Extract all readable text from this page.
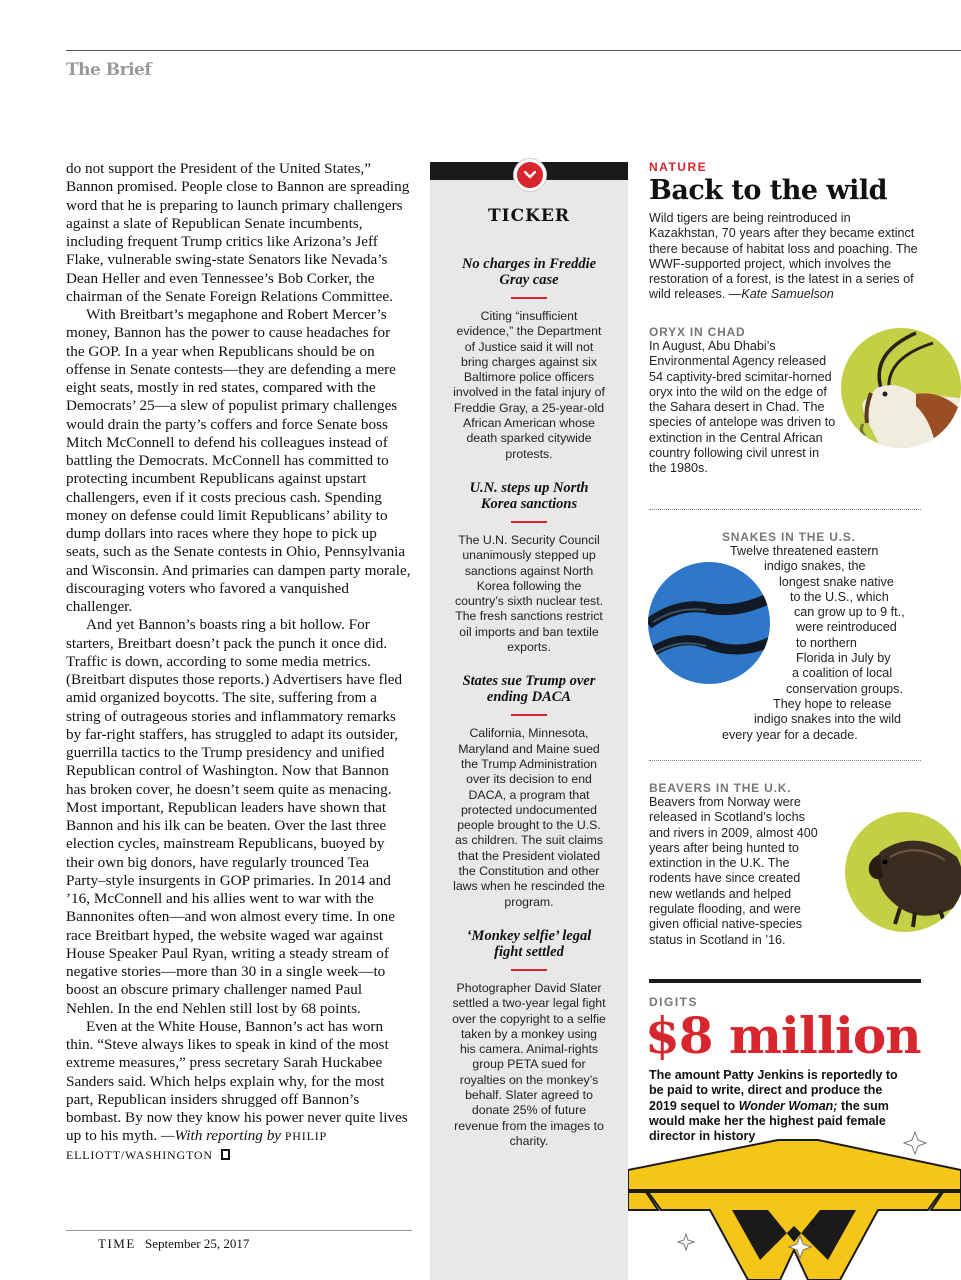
The Brief

do not support the President of the United States,” Bannon promised. People close to Bannon are spreading word that he is preparing to launch primary challengers against a slate of Republican Senate incumbents, including frequent Trump critics like Arizona’s Jeff Flake, vulnerable swing-state Senators like Nevada’s Dean Heller and even Tennessee’s Bob Corker, the chairman of the Senate Foreign Relations Committee.

With Breitbart’s megaphone and Robert Mercer’s money, Bannon has the power to cause headaches for the GOP. In a year when Republicans should be on offense in Senate contests—they are defending a mere eight seats, mostly in red states, compared with the Democrats’ 25—a slew of populist primary challenges would drain the party’s coffers and force Senate boss Mitch McConnell to defend his colleagues instead of battling the Democrats. McConnell has committed to protecting incumbent Republicans against upstart challengers, even if it costs precious cash. Spending money on defense could limit Republicans’ ability to dump dollars into races where they hope to pick up seats, such as the Senate contests in Ohio, Pennsylvania and Wisconsin. And primaries can dampen party morale, discouraging voters who favored a vanquished challenger.

And yet Bannon’s boasts ring a bit hollow. For starters, Breitbart doesn’t pack the punch it once did. Traffic is down, according to some media metrics. (Breitbart disputes those reports.) Advertisers have fled amid organized boycotts. The site, suffering from a string of outrageous stories and inflammatory remarks by far-right staffers, has struggled to adapt its outsider, guerrilla tactics to the Trump presidency and unified Republican control of Washington. Now that Bannon has broken cover, he doesn’t seem quite as menacing. Most important, Republican leaders have shown that Bannon and his ilk can be beaten. Over the last three election cycles, mainstream Republicans, buoyed by their own big donors, have regularly trounced Tea Party–style insurgents in GOP primaries. In 2014 and ’16, McConnell and his allies went to war with the Bannonites often—and won almost every time. In one race Breitbart hyped, the website waged war against House Speaker Paul Ryan, writing a steady stream of negative stories—more than 30 in a single week—to boost an obscure primary challenger named Paul Nehlen. In the end Nehlen still lost by 68 points.

Even at the White House, Bannon’s act has worn thin. “Steve always likes to speak in kind of the most extreme measures,” press secretary Sarah Huckabee Sanders said. Which helps explain why, for the most part, Republican insiders shrugged off Bannon’s bombast. By now they know his power never quite lives up to his myth. —With reporting by PHILIP ELLIOTT/WASHINGTON

TIME September 25, 2017
TICKER
No charges in Freddie Gray case
Citing “insufficient evidence,” the Department of Justice said it will not bring charges against six Baltimore police officers involved in the fatal injury of Freddie Gray, a 25-year-old African American whose death sparked citywide protests.
U.N. steps up North Korea sanctions
The U.N. Security Council unanimously stepped up sanctions against North Korea following the country’s sixth nuclear test. The fresh sanctions restrict oil imports and ban textile exports.
States sue Trump over ending DACA
California, Minnesota, Maryland and Maine sued the Trump Administration over its decision to end DACA, a program that protected undocumented people brought to the U.S. as children. The suit claims that the President violated the Constitution and other laws when he rescinded the program.
‘Monkey selfie’ legal fight settled
Photographer David Slater settled a two-year legal fight over the copyright to a selfie taken by a monkey using his camera. Animal-rights group PETA sued for royalties on the monkey’s behalf. Slater agreed to donate 25% of future revenue from the images to charity.
NATURE
Back to the wild
Wild tigers are being reintroduced in Kazakhstan, 70 years after they became extinct there because of habitat loss and poaching. The WWF-supported project, which involves the restoration of a forest, is the latest in a series of wild releases. —Kate Samuelson
ORYX IN CHAD
In August, Abu Dhabi’s Environmental Agency released 54 captivity-bred scimitar-horned oryx into the wild on the edge of the Sahara desert in Chad. The species of antelope was driven to extinction in the Central African country following civil unrest in the 1980s.
SNAKES IN THE U.S.
Twelve threatened eastern
indigo snakes, the
longest snake native
to the U.S., which
can grow up to 9 ft.,
were reintroduced
to northern
Florida in July by
a coalition of local
conservation groups.
They hope to release
indigo snakes into the wild
every year for a decade.
BEAVERS IN THE U.K.
Beavers from Norway were released in Scotland’s lochs and rivers in 2009, almost 400 years after being hunted to extinction in the U.K. The rodents have since created new wetlands and helped regulate flooding, and were given official native-species status in Scotland in ’16.
DIGITS
$8 million
The amount Patty Jenkins is reportedly to be paid to write, direct and produce the 2019 sequel to Wonder Woman; the sum would make her the highest paid female director in history
